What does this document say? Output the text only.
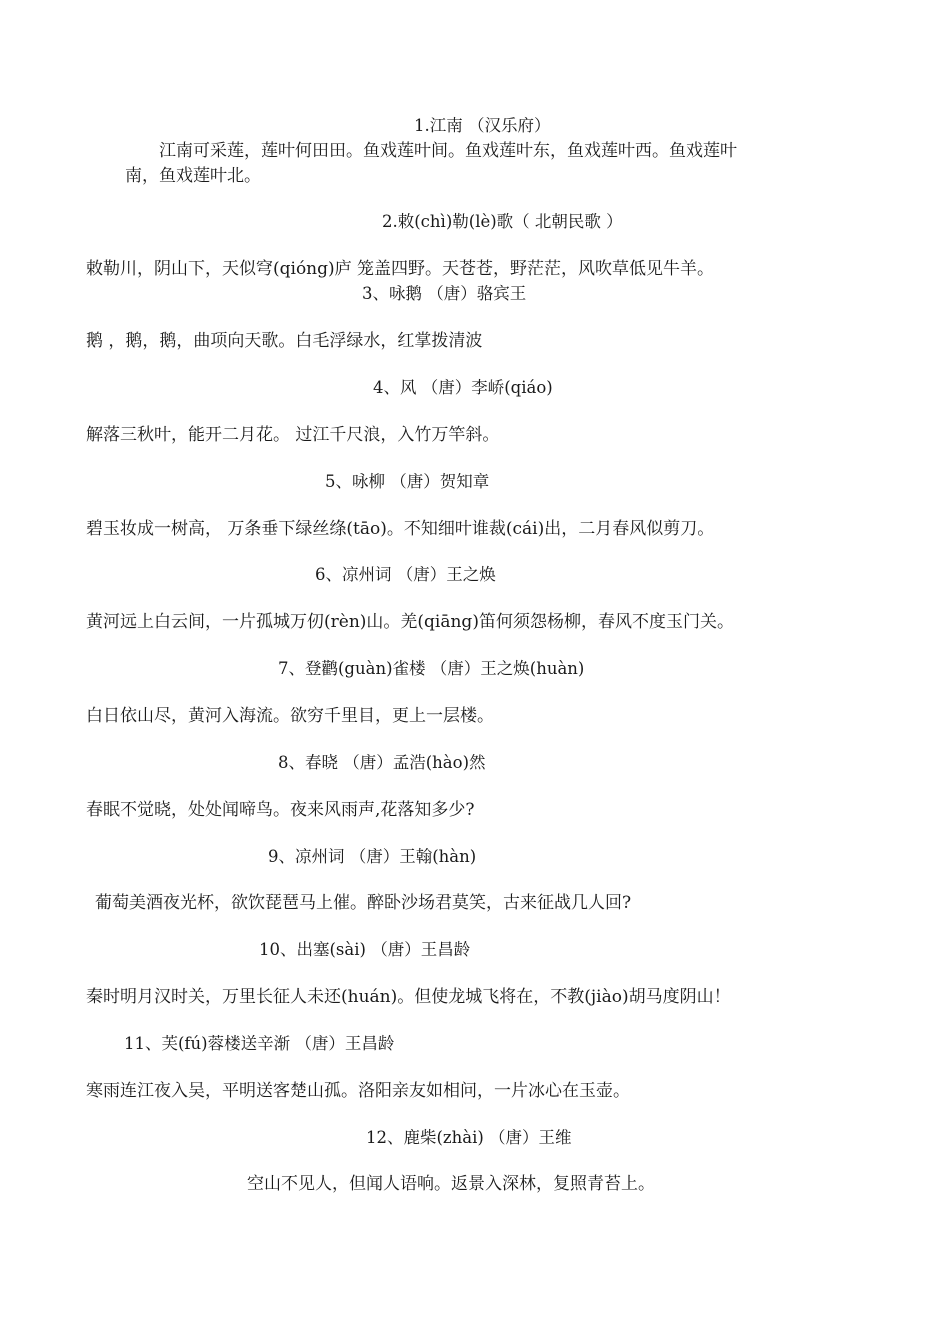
1.江南 （汉乐府）
江南可采莲，莲叶何田田。鱼戏莲叶间。鱼戏莲叶东，鱼戏莲叶西。鱼戏莲叶
南，鱼戏莲叶北。
2.敕(chì)勒(lè)歌（ 北朝民歌 ）
敕勒川，阴山下，天似穹(qióng)庐 笼盖四野。天苍苍，野茫茫，风吹草低见牛羊。
3、咏鹅 （唐）骆宾王
鹅 ，鹅，鹅，曲项向天歌。白毛浮绿水，红掌拨清波
4、风 （唐）李峤(qiáo)
解落三秋叶，能开二月花。 过江千尺浪，入竹万竿斜。
5、咏柳 （唐）贺知章
碧玉妆成一树高， 万条垂下绿丝绦(tāo)。不知细叶谁裁(cái)出，二月春风似剪刀。
6、凉州词 （唐）王之焕
黄河远上白云间，一片孤城万仞(rèn)山。羌(qiāng)笛何须怨杨柳，春风不度玉门关。
7、登鹳(guàn)雀楼 （唐）王之焕(huàn)
白日依山尽，黄河入海流。欲穷千里目，更上一层楼。
8、春晓 （唐）孟浩(hào)然
春眠不觉晓，处处闻啼鸟。夜来风雨声,花落知多少?
9、凉州词 （唐）王翰(hàn)
葡萄美酒夜光杯，欲饮琵琶马上催。醉卧沙场君莫笑，古来征战几人回?
10、出塞(sài) （唐）王昌龄
秦时明月汉时关，万里长征人未还(huán)。但使龙城飞将在，不教(jiào)胡马度阴山！
11、芙(fú)蓉楼送辛渐 （唐）王昌龄
寒雨连江夜入吴，平明送客楚山孤。洛阳亲友如相问，一片冰心在玉壶。
12、鹿柴(zhài) （唐）王维
空山不见人，但闻人语响。返景入深林，复照青苔上。
